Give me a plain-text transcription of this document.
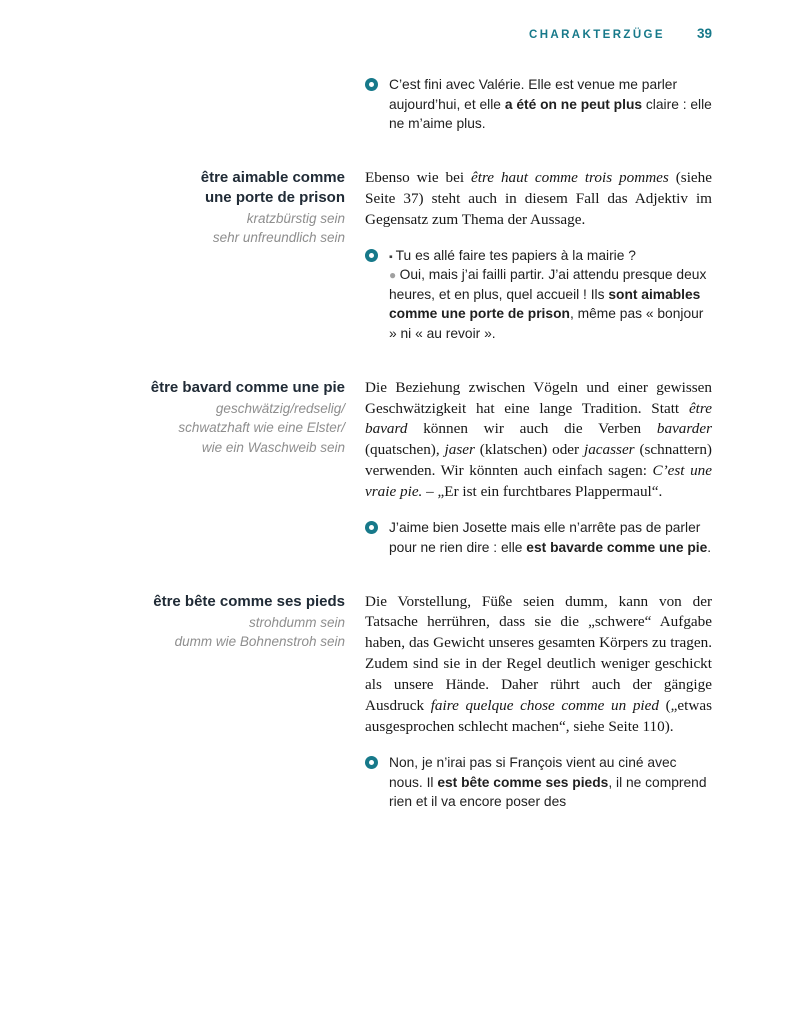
CHARAKTERZÜGE 39
C’est fini avec Valérie. Elle est venue me parler aujourd’hui, et elle a été on ne peut plus claire : elle ne m’aime plus.
être aimable comme
une porte de prison
kratzbürstig sein
sehr unfreundlich sein
Ebenso wie bei être haut comme trois pommes (siehe Seite 37) steht auch in diesem Fall das Adjektiv im Gegensatz zum Thema der Aussage.
▪ Tu es allé faire tes papiers à la mairie ?
● Oui, mais j’ai failli partir. J’ai attendu presque deux heures, et en plus, quel accueil ! Ils sont aimables comme une porte de prison, même pas « bonjour » ni « au revoir ».
être bavard comme une pie
geschwätzig/redselig/
schwatzhaft wie eine Elster/
wie ein Waschweib sein
Die Beziehung zwischen Vögeln und einer gewissen Geschwätzigkeit hat eine lange Tradition. Statt être bavard können wir auch die Verben bavarder (quatschen), jaser (klatschen) oder jacasser (schnattern) verwenden. Wir könnten auch einfach sagen: C’est une vraie pie. – „Er ist ein furchtbares Plappermaul“.
J’aime bien Josette mais elle n’arrête pas de parler pour ne rien dire : elle est bavarde comme une pie.
être bête comme ses pieds
strohdumm sein
dumm wie Bohnenstroh sein
Die Vorstellung, Füße seien dumm, kann von der Tatsache herrühren, dass sie die „schwere“ Aufgabe haben, das Gewicht unseres gesamten Körpers zu tragen. Zudem sind sie in der Regel deutlich weniger geschickt als unsere Hände. Daher rührt auch der gängige Ausdruck faire quelque chose comme un pied („etwas ausgesprochen schlecht machen“, siehe Seite 110).
Non, je n’irai pas si François vient au ciné avec nous. Il est bête comme ses pieds, il ne comprend rien et il va encore poser des
